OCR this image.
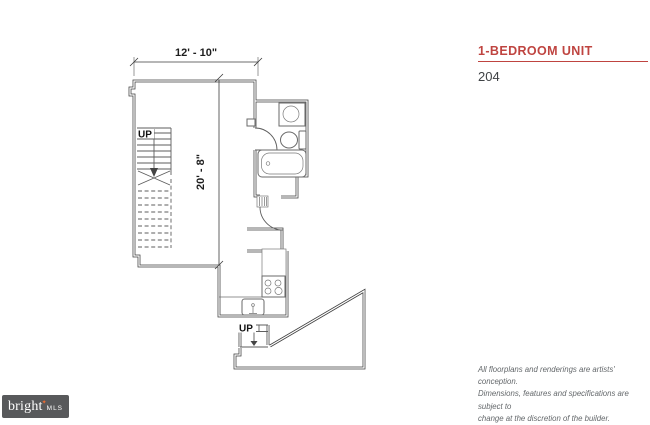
UP
UP
12' - 10"
20' - 8"
1-BEDROOM UNIT
204
All floorplans and renderings are artists' conception.
Dimensions, features and specifications are subject to
change at the discretion of the builder.
bright ✦
MLS
